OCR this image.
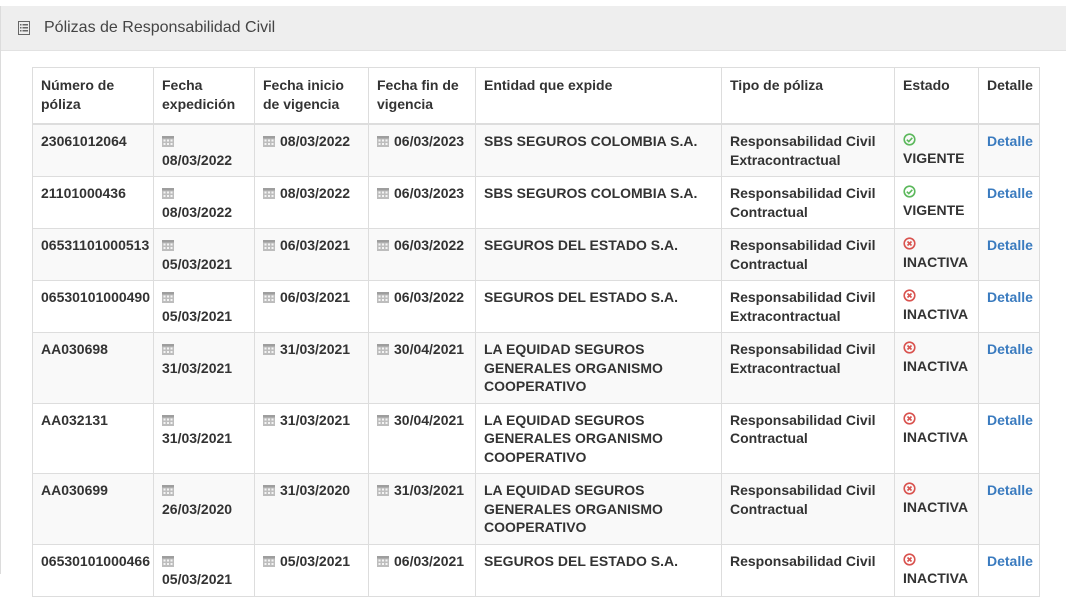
Pólizas de Responsabilidad Civil
Número de póliza	Fecha expedición	Fecha inicio de vigencia	Fecha fin de vigencia	Entidad que expide	Tipo de póliza	Estado	Detalle
23061012064	08/03/2022	08/03/2022	06/03/2023	SBS SEGUROS COLOMBIA S.A.	Responsabilidad Civil Extracontractual	VIGENTE	Detalle
21101000436	08/03/2022	08/03/2022	06/03/2023	SBS SEGUROS COLOMBIA S.A.	Responsabilidad Civil Contractual	VIGENTE	Detalle
06531101000513	05/03/2021	06/03/2021	06/03/2022	SEGUROS DEL ESTADO S.A.	Responsabilidad Civil Contractual	INACTIVA	Detalle
06530101000490	05/03/2021	06/03/2021	06/03/2022	SEGUROS DEL ESTADO S.A.	Responsabilidad Civil Extracontractual	INACTIVA	Detalle
AA030698	31/03/2021	31/03/2021	30/04/2021	LA EQUIDAD SEGUROS GENERALES ORGANISMO COOPERATIVO	Responsabilidad Civil Extracontractual	INACTIVA	Detalle
AA032131	31/03/2021	31/03/2021	30/04/2021	LA EQUIDAD SEGUROS GENERALES ORGANISMO COOPERATIVO	Responsabilidad Civil Contractual	INACTIVA	Detalle
AA030699	26/03/2020	31/03/2020	31/03/2021	LA EQUIDAD SEGUROS GENERALES ORGANISMO COOPERATIVO	Responsabilidad Civil Contractual	INACTIVA	Detalle
06530101000466	05/03/2021	05/03/2021	06/03/2021	SEGUROS DEL ESTADO S.A.	Responsabilidad Civil	INACTIVA	Detalle
